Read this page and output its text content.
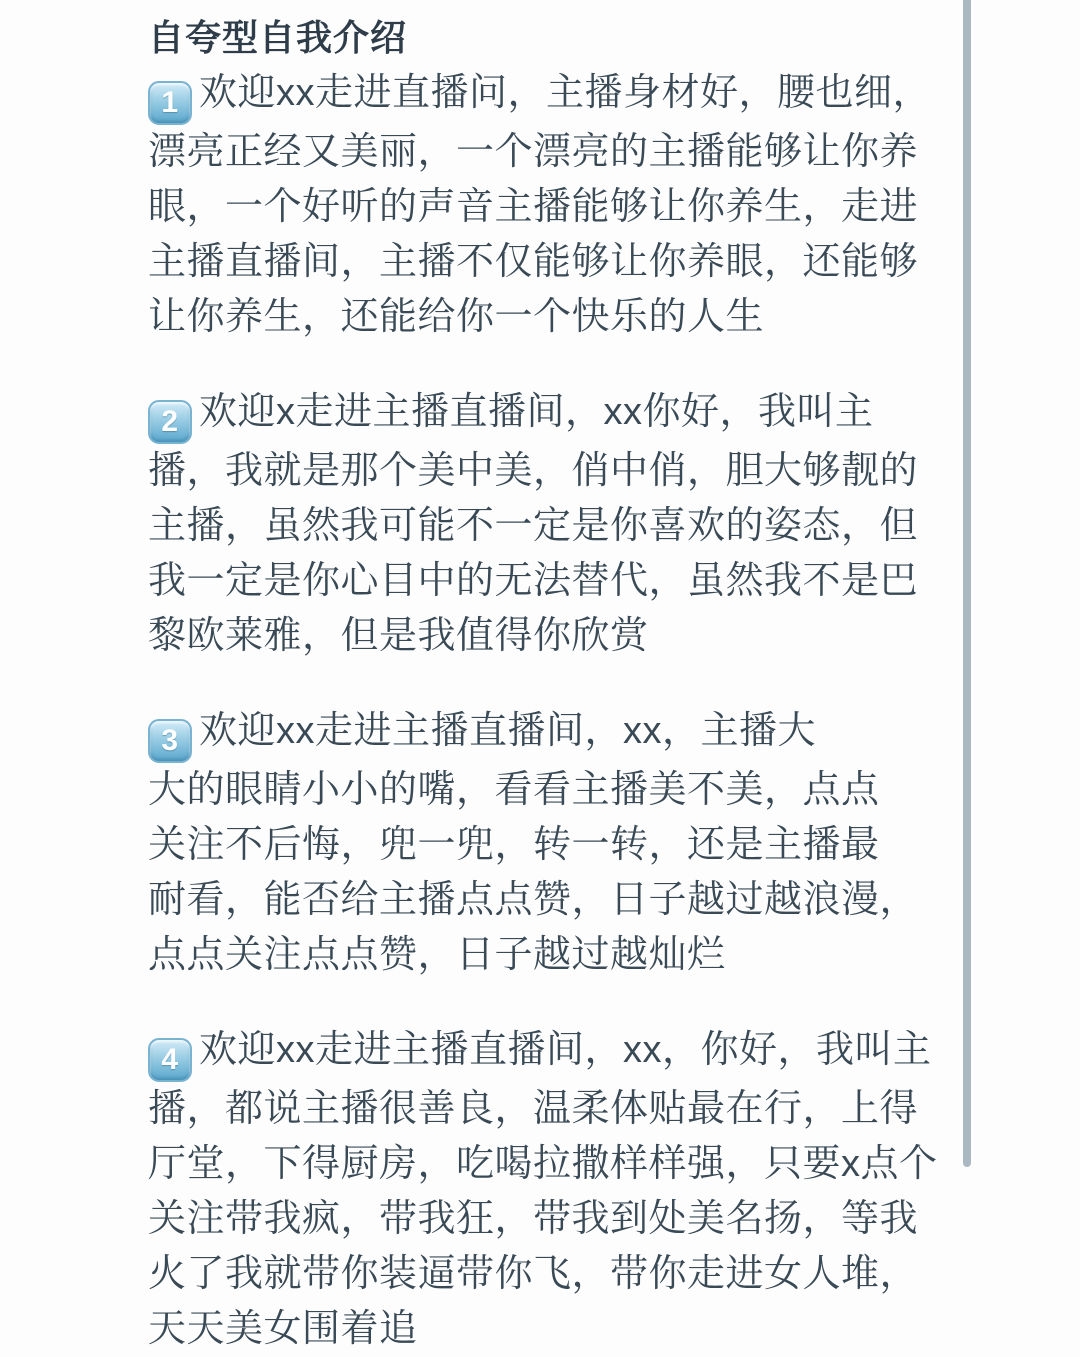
自夸型自我介绍
1 欢迎xx走进直播问，主播身材好，腰也细，
漂亮正经又美丽，一个漂亮的主播能够让你养
眼，一个好听的声音主播能够让你养生，走进
主播直播间，主播不仅能够让你养眼，还能够
让你养生，还能给你一个快乐的人生
2 欢迎x走进主播直播间，xx你好，我叫主
播，我就是那个美中美，俏中俏，胆大够靓的
主播，虽然我可能不一定是你喜欢的姿态，但
我一定是你心目中的无法替代，虽然我不是巴
黎欧莱雅，但是我值得你欣赏
3 欢迎xx走进主播直播间，xx，主播大
大的眼睛小小的嘴，看看主播美不美，点点
关注不后悔，兜一兜，转一转，还是主播最
耐看，能否给主播点点赞，日子越过越浪漫，
点点关注点点赞，日子越过越灿烂
4 欢迎xx走进主播直播间，xx，你好，我叫主
播，都说主播很善良，温柔体贴最在行，上得
厅堂，下得厨房，吃喝拉撒样样强，只要x点个
关注带我疯，带我狂，带我到处美名扬，等我
火了我就带你装逼带你飞，带你走进女人堆，
天天美女围着追
